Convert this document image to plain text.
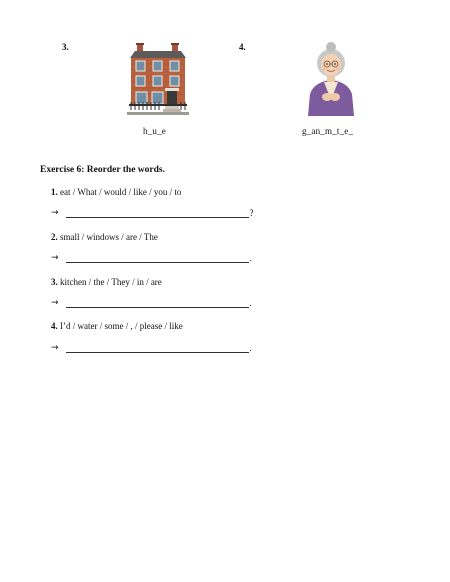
3.
h_u_e
4.
g_an_m_t_e_
Exercise 6: Reorder the words.
1. eat / What / would / like / you / to
→	?
2. small / windows / are / The
→	.
3. kitchen / the / They / in / are
→	.
4. I’d / water / some / , / please / like
→	.
